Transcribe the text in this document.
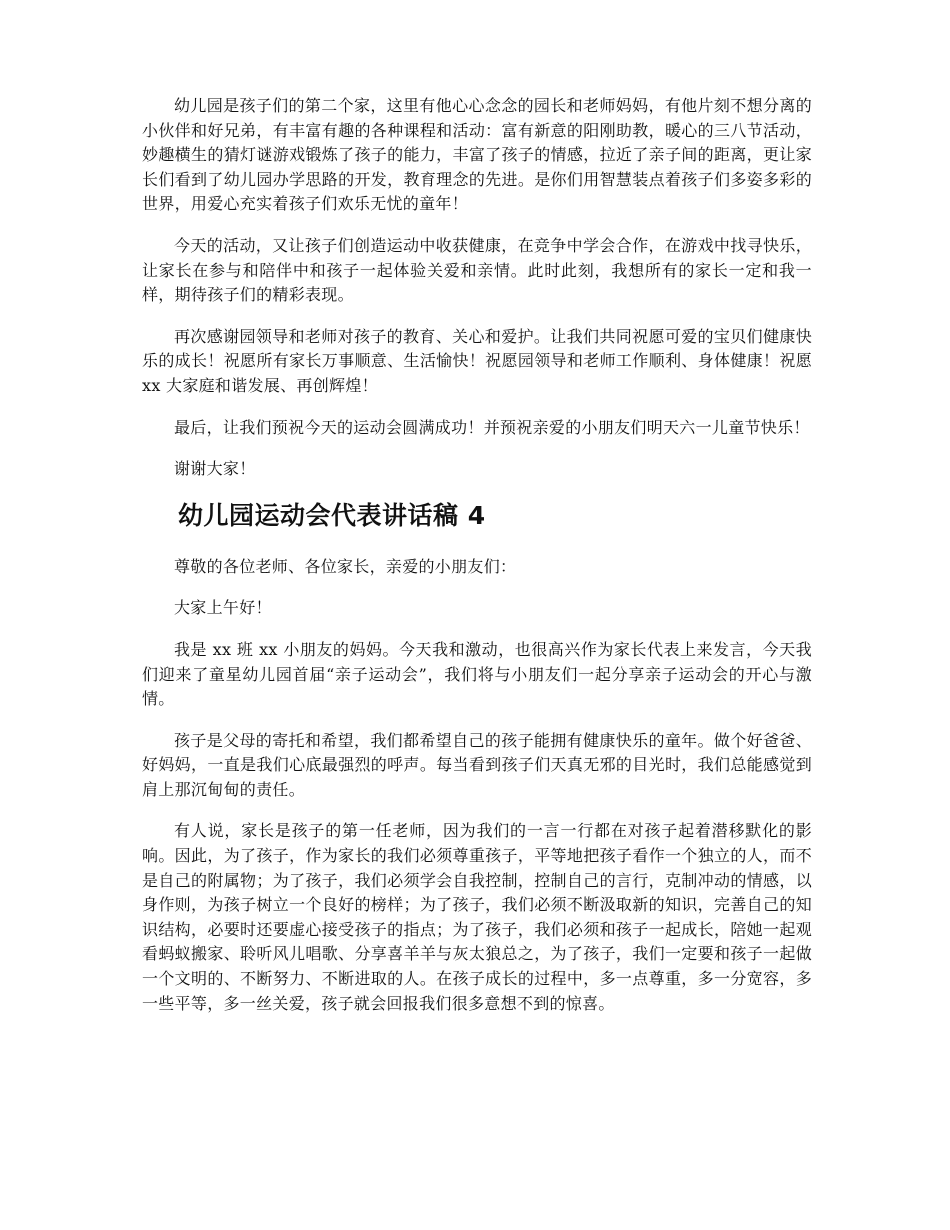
幼儿园是孩子们的第二个家，这里有他心心念念的园长和老师妈妈，有他片刻不想分离的小伙伴和好兄弟，有丰富有趣的各种课程和活动：富有新意的阳刚助教，暖心的三八节活动，妙趣横生的猜灯谜游戏锻炼了孩子的能力，丰富了孩子的情感，拉近了亲子间的距离，更让家长们看到了幼儿园办学思路的开发，教育理念的先进。是你们用智慧装点着孩子们多姿多彩的世界，用爱心充实着孩子们欢乐无忧的童年！

今天的活动，又让孩子们创造运动中收获健康，在竞争中学会合作，在游戏中找寻快乐，让家长在参与和陪伴中和孩子一起体验关爱和亲情。此时此刻，我想所有的家长一定和我一样，期待孩子们的精彩表现。

再次感谢园领导和老师对孩子的教育、关心和爱护。让我们共同祝愿可爱的宝贝们健康快乐的成长！祝愿所有家长万事顺意、生活愉快！祝愿园领导和老师工作顺利、身体健康！祝愿 xx 大家庭和谐发展、再创辉煌！

最后，让我们预祝今天的运动会圆满成功！并预祝亲爱的小朋友们明天六一儿童节快乐！

谢谢大家！

幼儿园运动会代表讲话稿 4

尊敬的各位老师、各位家长，亲爱的小朋友们：

大家上午好！

我是 xx 班 xx 小朋友的妈妈。今天我和激动，也很高兴作为家长代表上来发言，今天我们迎来了童星幼儿园首届“亲子运动会”，我们将与小朋友们一起分享亲子运动会的开心与激情。

孩子是父母的寄托和希望，我们都希望自己的孩子能拥有健康快乐的童年。做个好爸爸、好妈妈，一直是我们心底最强烈的呼声。每当看到孩子们天真无邪的目光时，我们总能感觉到肩上那沉甸甸的责任。

有人说，家长是孩子的第一任老师，因为我们的一言一行都在对孩子起着潜移默化的影响。因此，为了孩子，作为家长的我们必须尊重孩子，平等地把孩子看作一个独立的人，而不是自己的附属物；为了孩子，我们必须学会自我控制，控制自己的言行，克制冲动的情感，以身作则，为孩子树立一个良好的榜样；为了孩子，我们必须不断汲取新的知识，完善自己的知识结构，必要时还要虚心接受孩子的指点；为了孩子，我们必须和孩子一起成长，陪她一起观看蚂蚁搬家、聆听风儿唱歌、分享喜羊羊与灰太狼总之，为了孩子，我们一定要和孩子一起做一个文明的、不断努力、不断进取的人。在孩子成长的过程中，多一点尊重，多一分宽容，多一些平等，多一丝关爱，孩子就会回报我们很多意想不到的惊喜。
